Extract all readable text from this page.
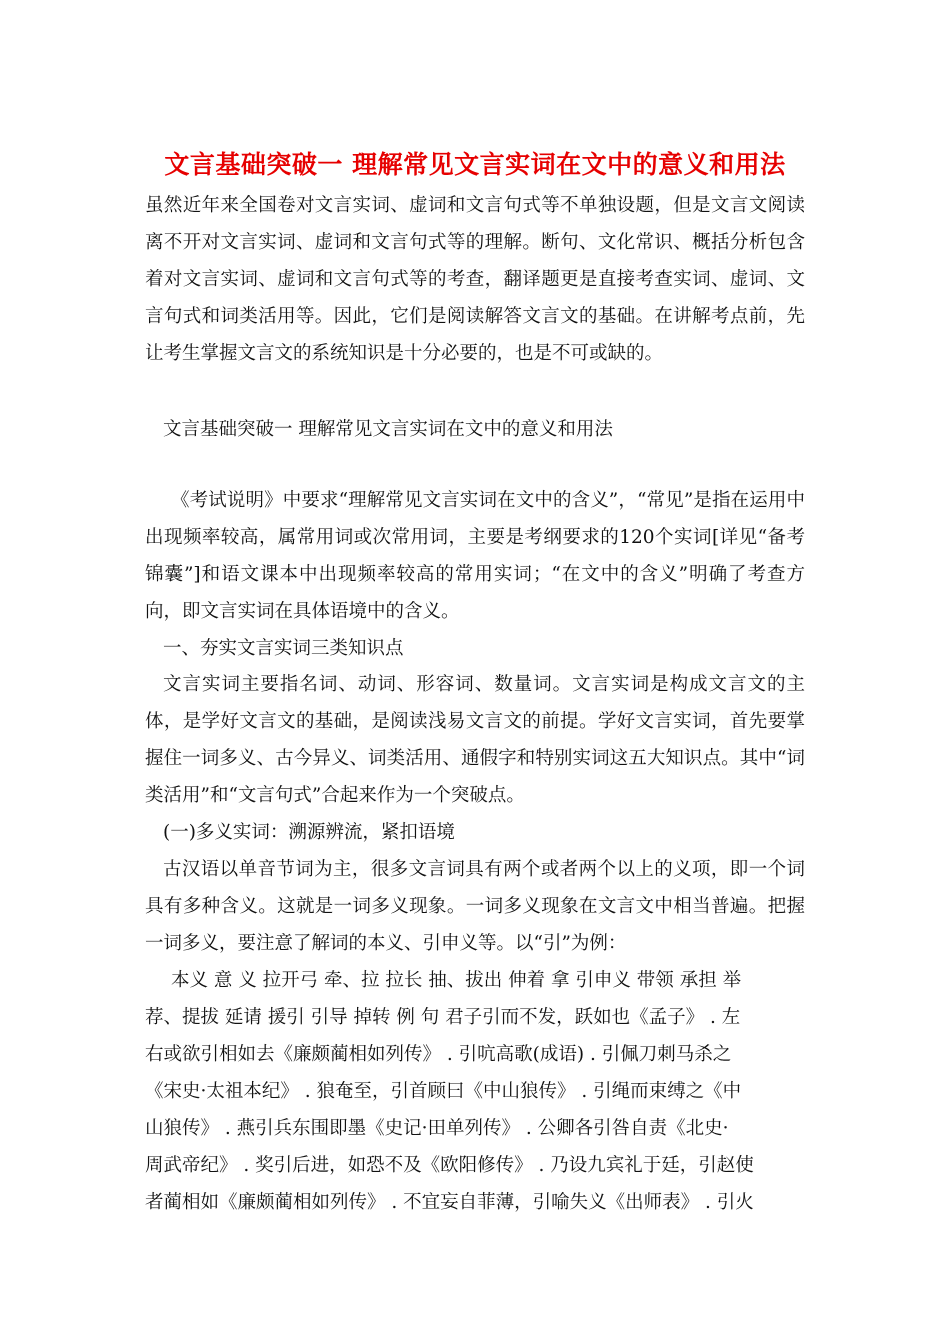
文言基础突破一 理解常见文言实词在文中的意义和用法
虽然近年来全国卷对文言实词、虚词和文言句式等不单独设题，但是文言文阅读离不开对文言实词、虚词和文言句式等的理解。断句、文化常识、概括分析包含着对文言实词、虚词和文言句式等的考查，翻译题更是直接考查实词、虚词、文言句式和词类活用等。因此，它们是阅读解答文言文的基础。在讲解考点前，先让考生掌握文言文的系统知识是十分必要的，也是不可或缺的。
文言基础突破一 理解常见文言实词在文中的意义和用法
《考试说明》中要求“理解常见文言实词在文中的含义”，“常见”是指在运用中出现频率较高，属常用词或次常用词，主要是考纲要求的120个实词[详见“备考锦囊”]和语文课本中出现频率较高的常用实词；“在文中的含义”明确了考查方向，即文言实词在具体语境中的含义。
一、夯实文言实词三类知识点
文言实词主要指名词、动词、形容词、数量词。文言实词是构成文言文的主体，是学好文言文的基础，是阅读浅易文言文的前提。学好文言实词，首先要掌握住一词多义、古今异义、词类活用、通假字和特别实词这五大知识点。其中“词类活用”和“文言句式”合起来作为一个突破点。
(一)多义实词：溯源辨流，紧扣语境
古汉语以单音节词为主，很多文言词具有两个或者两个以上的义项，即一个词具有多种含义。这就是一词多义现象。一词多义现象在文言文中相当普遍。把握一词多义，要注意了解词的本义、引申义等。以“引”为例：
本义 意 义 拉开弓 牵、拉 拉长 抽、拔出 伸着 拿 引申义 带领 承担 举
荐、提拔 延请 援引 引导 掉转 例 句 君子引而不发，跃如也《孟子》 . 左
右或欲引相如去《廉颇蔺相如列传》 . 引吭高歌(成语) . 引佩刀刺马杀之
《宋史·太祖本纪》 . 狼奄至，引首顾曰《中山狼传》 . 引绳而束缚之《中
山狼传》 . 燕引兵东围即墨《史记·田单列传》 . 公卿各引咎自责《北史·
周武帝纪》 . 奖引后进，如恐不及《欧阳修传》 . 乃设九宾礼于廷，引赵使
者蔺相如《廉颇蔺相如列传》 . 不宜妄自菲薄，引喻失义《出师表》 . 引火
